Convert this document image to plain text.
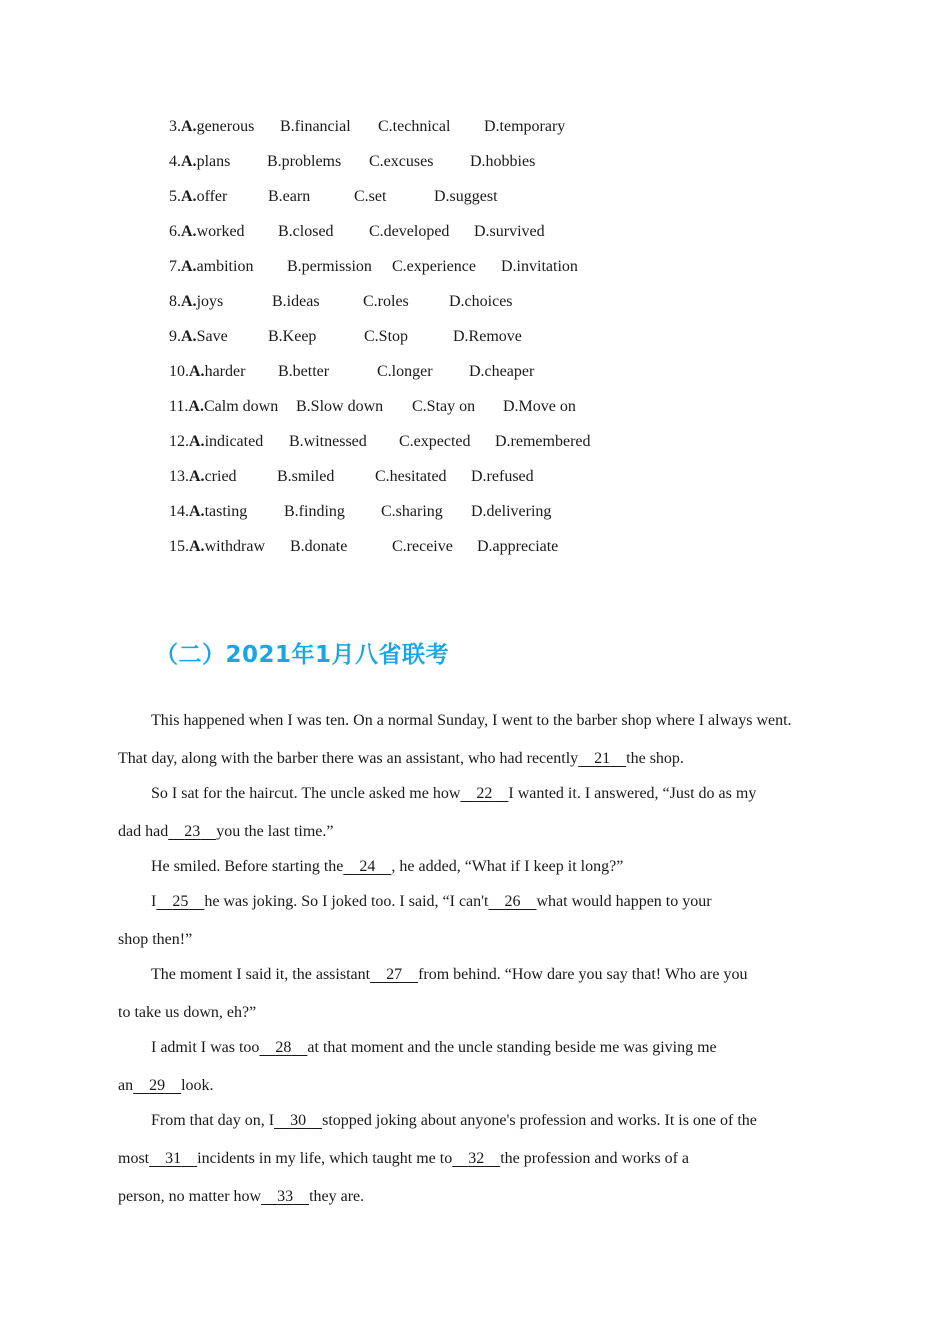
3.A.generous B.financial C.technical D.temporary
4.A.plans B.problems C.excuses D.hobbies
5.A.offer	B.earn	C.set	D.suggest
6.A.worked B.closed C.developed D.survived
7.A.ambition B.permission C.experience D.invitation
8.A.joys	B.ideas	C.roles	D.choices
9.A.Save	B.Keep	C.Stop	D.Remove
10.A.harder B.better	C.longer D.cheaper
11.A.Calm down B.Slow down C.Stay on D.Move on
12.A.indicated B.witnessed C.expected D.remembered
13.A.cried	B.smiled	C.hesitated D.refused
14.A.tasting B.finding C.sharing D.delivering
15.A.withdraw B.donate	C.receive D.appreciate
（二）2021年1月八省联考
This happened when I was ten. On a normal Sunday, I went to the barber shop where I always went.
That day, along with the barber there was an assistant, who had recently 21 the shop.
So I sat for the haircut. The uncle asked me how 22 I wanted it. I answered, “Just do as my
dad had 23 you the last time.”
He smiled. Before starting the 24 , he added, “What if I keep it long?”
I 25 he was joking. So I joked too. I said, “I can't 26 what would happen to your
shop then!”
The moment I said it, the assistant 27 from behind. “How dare you say that! Who are you
to take us down, eh?”
I admit I was too 28 at that moment and the uncle standing beside me was giving me
an 29 look.
From that day on, I 30 stopped joking about anyone's profession and works. It is one of the
most 31 incidents in my life, which taught me to 32 the profession and works of a
person, no matter how 33 they are.
